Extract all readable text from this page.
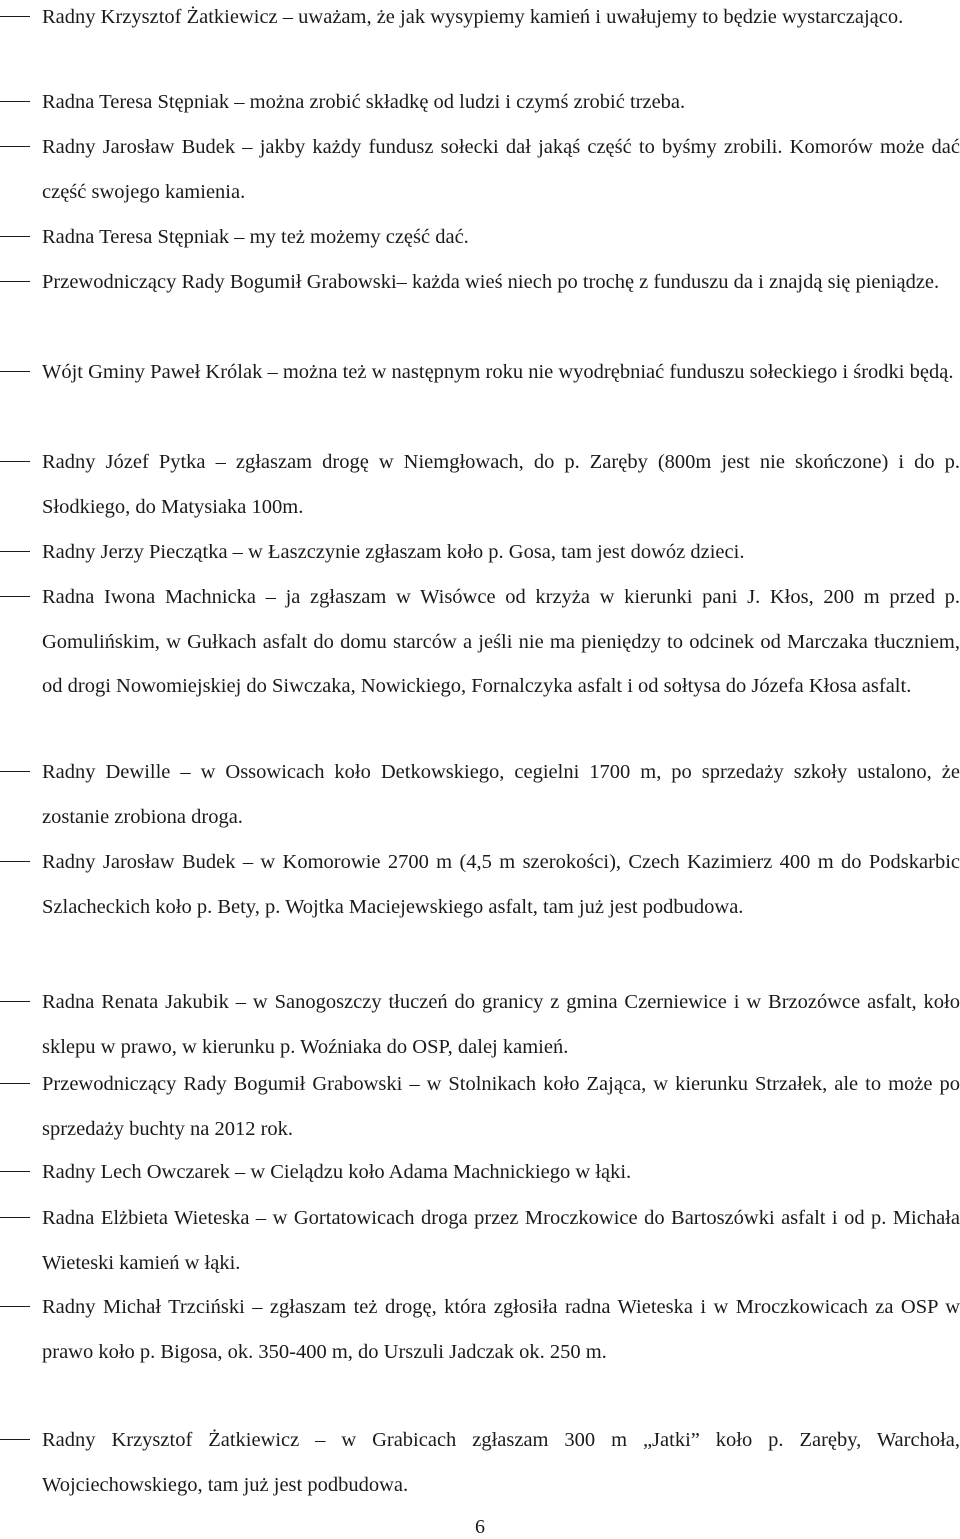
Radny Krzysztof Żatkiewicz – uważam, że jak wysypiemy kamień i uwałujemy to będzie wystarczająco.

Radna Teresa Stępniak – można zrobić składkę od ludzi i czymś zrobić trzeba.

Radny Jarosław Budek – jakby każdy fundusz sołecki dał jakąś część to byśmy zrobili. Komorów może dać część swojego kamienia.

Radna Teresa Stępniak – my też możemy część dać.

Przewodniczący Rady Bogumił Grabowski– każda wieś niech po trochę z funduszu da i znajdą się pieniądze.

Wójt Gminy Paweł Królak – można też w następnym roku nie wyodrębniać funduszu sołeckiego i środki będą.

Radny Józef Pytka – zgłaszam drogę w Niemgłowach, do p. Zaręby (800m jest nie skończone) i do p. Słodkiego, do Matysiaka 100m.

Radny Jerzy Pieczątka – w Łaszczynie zgłaszam koło p. Gosa, tam jest dowóz dzieci.

Radna Iwona Machnicka – ja zgłaszam w Wisówce od krzyża w kierunki pani J. Kłos, 200 m przed p. Gomulińskim, w Gułkach asfalt do domu starców a jeśli nie ma pieniędzy to odcinek od Marczaka tłuczniem, od drogi Nowomiejskiej do Siwczaka, Nowickiego, Fornalczyka asfalt i od sołtysa do Józefa Kłosa asfalt.

Radny Dewille – w Ossowicach koło Detkowskiego, cegielni 1700 m, po sprzedaży szkoły ustalono, że zostanie zrobiona droga.

Radny Jarosław Budek – w Komorowie 2700 m (4,5 m szerokości), Czech Kazimierz 400 m do Podskarbic Szlacheckich koło p. Bety, p. Wojtka Maciejewskiego asfalt, tam już jest podbudowa.

Radna Renata Jakubik – w Sanogoszczy tłuczeń do granicy z gmina Czerniewice i w Brzozówce asfalt, koło sklepu w prawo, w kierunku p. Woźniaka do OSP, dalej kamień.

Przewodniczący Rady Bogumił Grabowski – w Stolnikach koło Zająca, w kierunku Strzałek, ale to może po sprzedaży buchty na 2012 rok.

Radny Lech Owczarek – w Cielądzu koło Adama Machnickiego w łąki.

Radna Elżbieta Wieteska – w Gortatowicach droga przez Mroczkowice do Bartoszówki asfalt i od p. Michała Wieteski kamień w łąki.

Radny Michał Trzciński – zgłaszam też drogę, która zgłosiła radna Wieteska i w Mroczkowicach za OSP w prawo koło p. Bigosa, ok. 350-400 m, do Urszuli Jadczak ok. 250 m.

Radny Krzysztof Żatkiewicz – w Grabicach zgłaszam 300 m „Jatki” koło p. Zaręby, Warchoła, Wojciechowskiego, tam już jest podbudowa.

6
